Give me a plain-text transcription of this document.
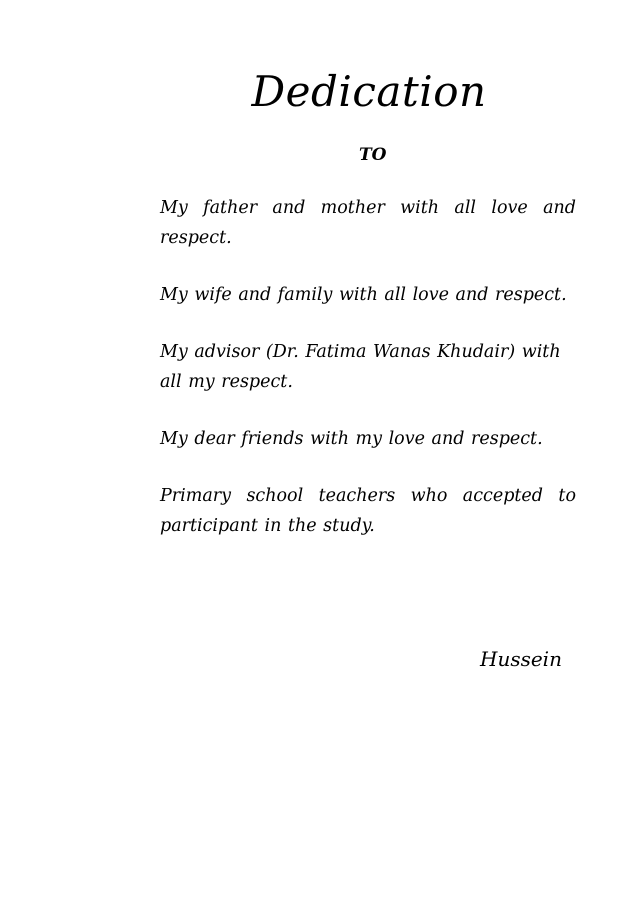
Dedication

TO

My father and mother with all love and respect.

My wife and family with all love and respect.

My advisor (Dr. Fatima Wanas Khudair) with all my respect.

My dear friends with my love and respect.

Primary school teachers who accepted to participant in the study.

Hussein
